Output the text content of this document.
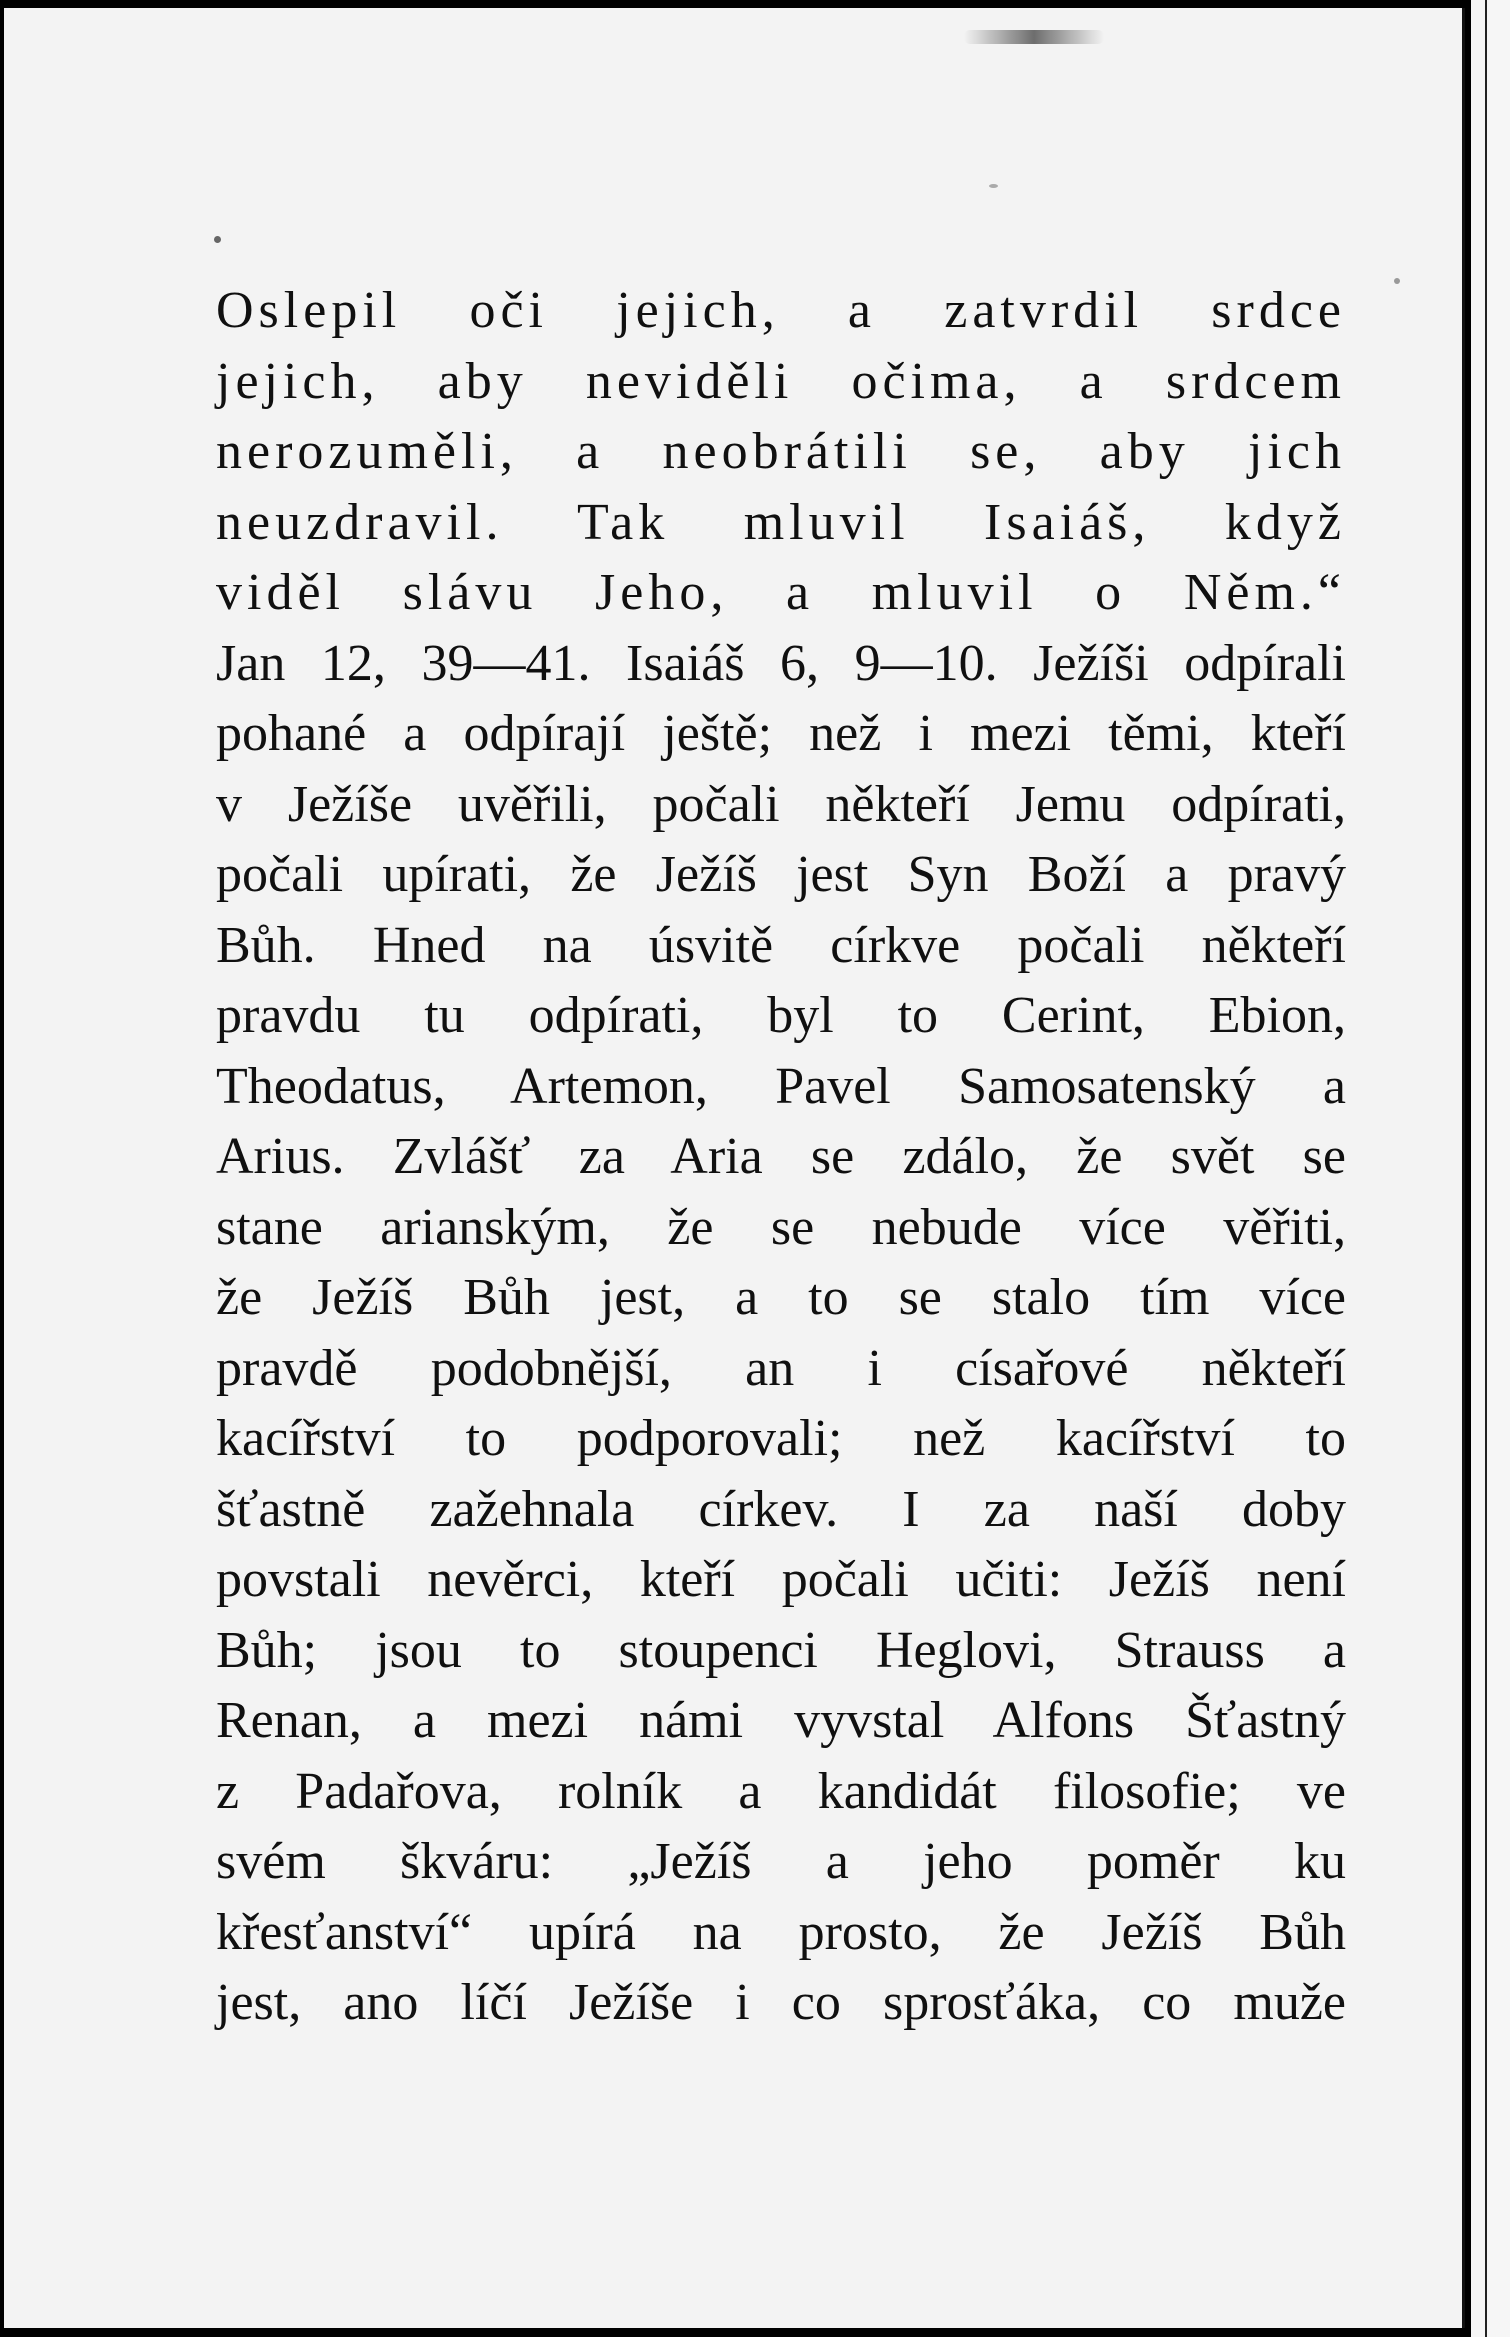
Oslepil oči jejich, a zatvrdil srdce
jejich, aby neviděli očima, a srdcem
nerozuměli, a neobrátili se, aby jich
neuzdravil. Tak mluvil Isaiáš, když
viděl slávu Jeho, a mluvil o Něm.“
Jan 12, 39—41. Isaiáš 6, 9—10. Ježíši odpírali
pohané a odpírají ještě; než i mezi těmi, kteří
v Ježíše uvěřili, počali někteří Jemu odpírati,
počali upírati, že Ježíš jest Syn Boží a pravý
Bůh. Hned na úsvitě církve počali někteří
pravdu tu odpírati, byl to Cerint, Ebion,
Theodatus, Artemon, Pavel Samosatenský a
Arius. Zvlášť za Aria se zdálo, že svět se
stane arianským, že se nebude více věřiti,
že Ježíš Bůh jest, a to se stalo tím více
pravdě podobnější, an i císařové někteří
kacířství to podporovali; než kacířství to
šťastně zažehnala církev. I za naší doby
povstali nevěrci, kteří počali učiti: Ježíš není
Bůh; jsou to stoupenci Heglovi, Strauss a
Renan, a mezi námi vyvstal Alfons Šťastný
z Padařova, rolník a kandidát filosofie; ve
svém škváru: „Ježíš a jeho poměr ku
křesťanství“ upírá na prosto, že Ježíš Bůh
jest, ano líčí Ježíše i co sprosťáka, co muže
